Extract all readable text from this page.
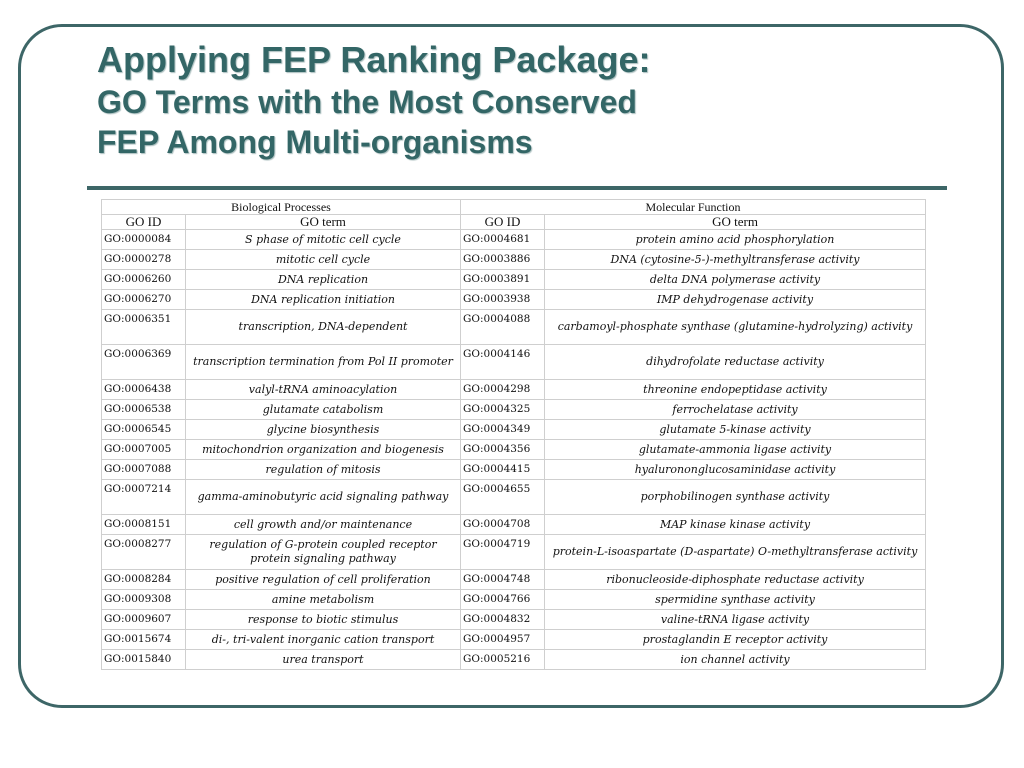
Applying FEP Ranking Package:
GO Terms with the Most Conserved
FEP Among Multi-organisms
Biological Processes		Molecular Function	
GO ID	GO term	GO ID	GO term
GO:0000084	S phase of mitotic cell cycle	GO:0004681	protein amino acid phosphorylation
GO:0000278	mitotic cell cycle	GO:0003886	DNA (cytosine-5-)-methyltransferase activity
GO:0006260	DNA replication	GO:0003891	delta DNA polymerase activity
GO:0006270	DNA replication initiation	GO:0003938	IMP dehydrogenase activity
GO:0006351	transcription, DNA-dependent	GO:0004088	carbamoyl-phosphate synthase (glutamine-hydrolyzing) activity
GO:0006369	transcription termination from Pol II promoter	GO:0004146	dihydrofolate reductase activity
GO:0006438	valyl-tRNA aminoacylation	GO:0004298	threonine endopeptidase activity
GO:0006538	glutamate catabolism	GO:0004325	ferrochelatase activity
GO:0006545	glycine biosynthesis	GO:0004349	glutamate 5-kinase activity
GO:0007005	mitochondrion organization and biogenesis	GO:0004356	glutamate-ammonia ligase activity
GO:0007088	regulation of mitosis	GO:0004415	hyalurononglucosaminidase activity
GO:0007214	gamma-aminobutyric acid signaling pathway	GO:0004655	porphobilinogen synthase activity
GO:0008151	cell growth and/or maintenance	GO:0004708	MAP kinase kinase activity
GO:0008277	regulation of G-protein coupled receptor protein signaling pathway	GO:0004719	protein-L-isoaspartate (D-aspartate) O-methyltransferase activity
GO:0008284	positive regulation of cell proliferation	GO:0004748	ribonucleoside-diphosphate reductase activity
GO:0009308	amine metabolism	GO:0004766	spermidine synthase activity
GO:0009607	response to biotic stimulus	GO:0004832	valine-tRNA ligase activity
GO:0015674	di-, tri-valent inorganic cation transport	GO:0004957	prostaglandin E receptor activity
GO:0015840	urea transport	GO:0005216	ion channel activity
